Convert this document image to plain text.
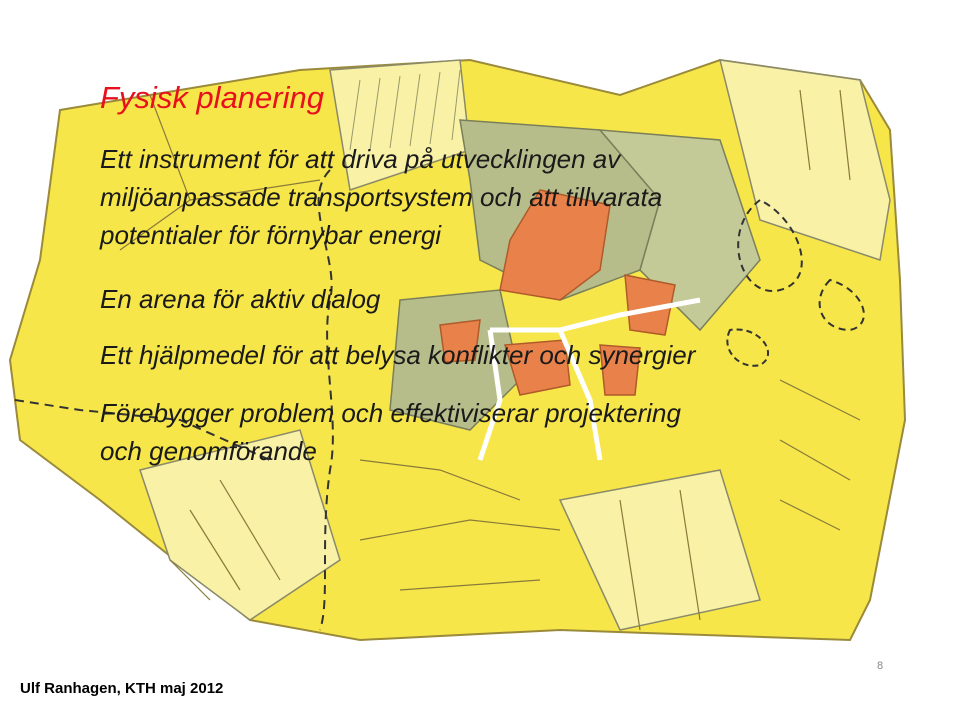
Fysisk planering

Ett instrument för att driva på utvecklingen av

miljöanpassade transportsystem och att tillvarata

potentialer för förnybar energi

En arena för aktiv dialog

Ett hjälpmedel för att belysa konflikter och synergier

Förebygger problem och effektiviserar projektering

och genomförande

8
Ulf Ranhagen, KTH maj 2012
